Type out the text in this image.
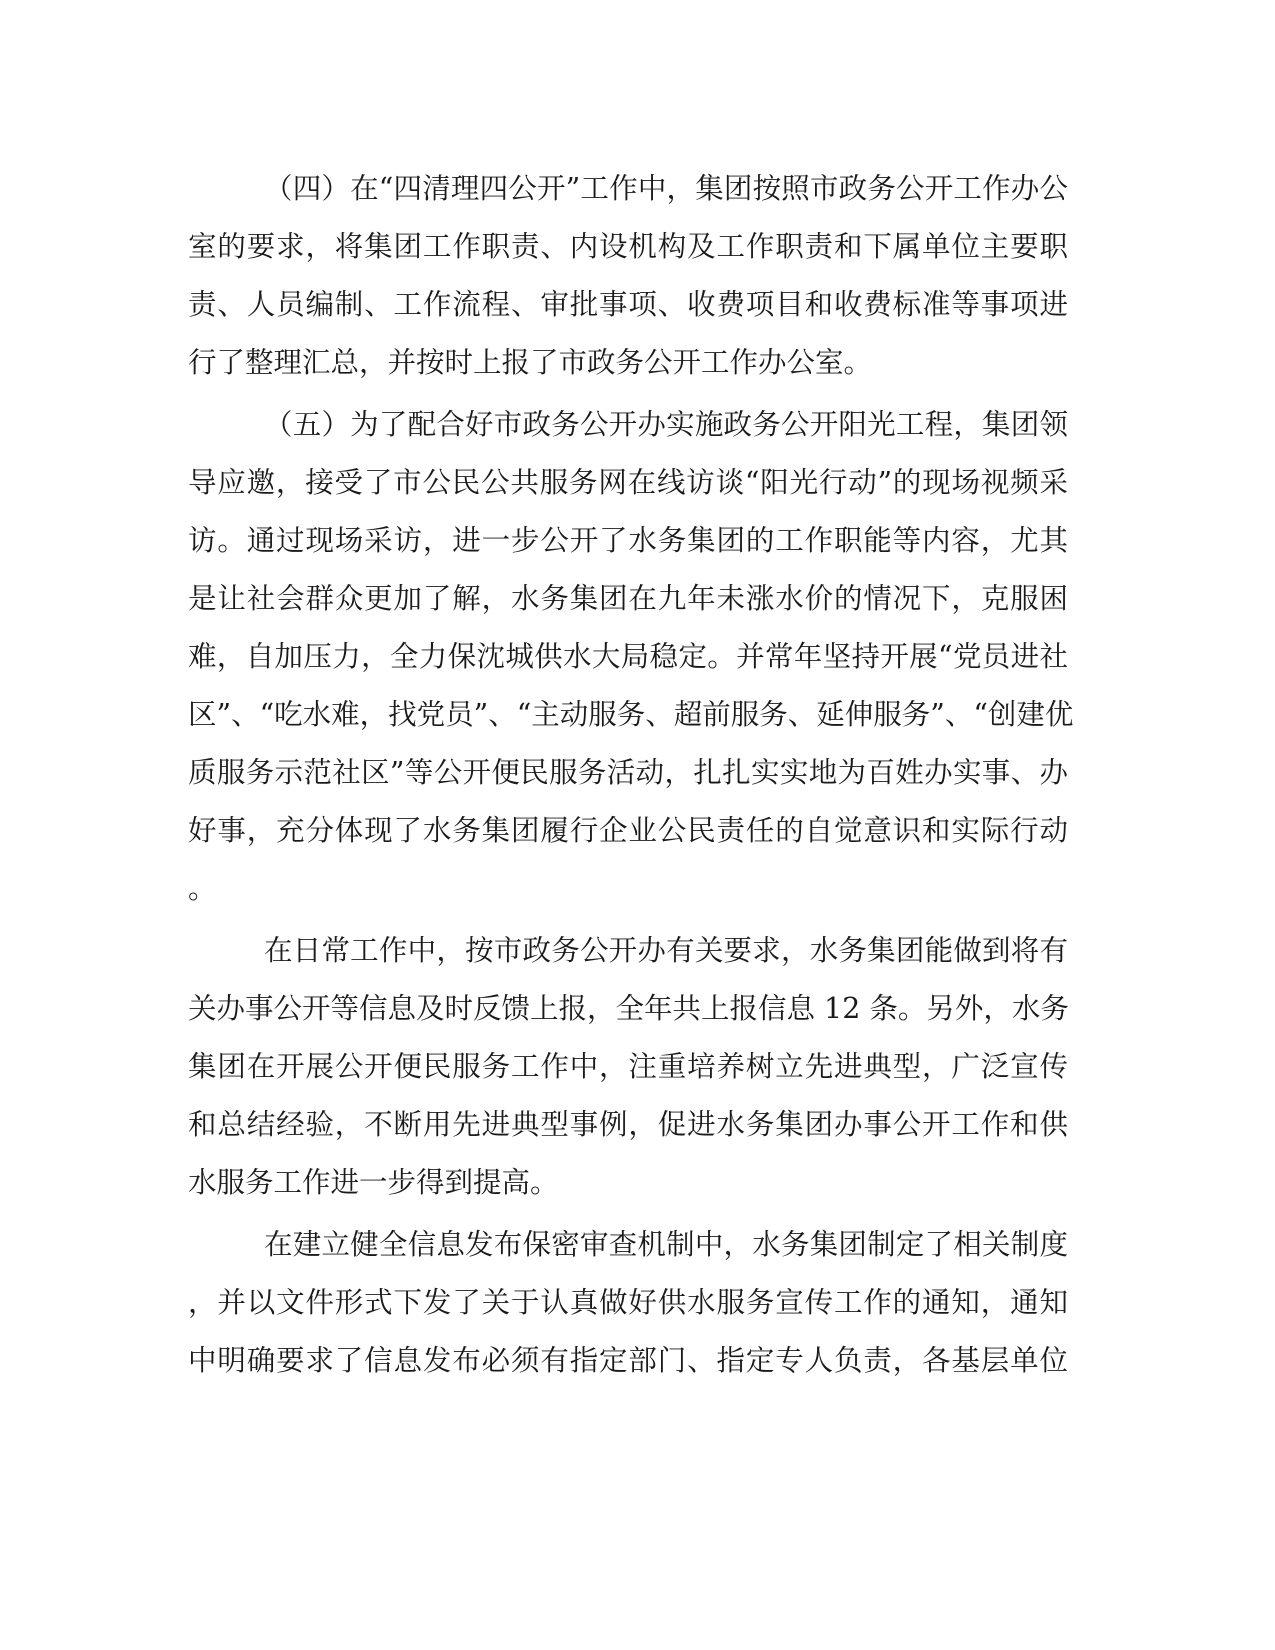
（四）在“四清理四公开”工作中，集团按照市政务公开工作办公
室的要求，将集团工作职责、内设机构及工作职责和下属单位主要职
责、人员编制、工作流程、审批事项、收费项目和收费标准等事项进
行了整理汇总，并按时上报了市政务公开工作办公室。
（五）为了配合好市政务公开办实施政务公开阳光工程，集团领
导应邀，接受了市公民公共服务网在线访谈“阳光行动”的现场视频采
访。通过现场采访，进一步公开了水务集团的工作职能等内容，尤其
是让社会群众更加了解，水务集团在九年未涨水价的情况下，克服困
难，自加压力，全力保沈城供水大局稳定。并常年坚持开展“党员进社
区”、“吃水难，找党员”、“主动服务、超前服务、延伸服务”、“创建优
质服务示范社区”等公开便民服务活动，扎扎实实地为百姓办实事、办
好事，充分体现了水务集团履行企业公民责任的自觉意识和实际行动
。
在日常工作中，按市政务公开办有关要求，水务集团能做到将有
关办事公开等信息及时反馈上报，全年共上报信息 12 条。另外，水务
集团在开展公开便民服务工作中，注重培养树立先进典型，广泛宣传
和总结经验，不断用先进典型事例，促进水务集团办事公开工作和供
水服务工作进一步得到提高。
在建立健全信息发布保密审查机制中，水务集团制定了相关制度
，并以文件形式下发了关于认真做好供水服务宣传工作的通知，通知
中明确要求了信息发布必须有指定部门、指定专人负责，各基层单位
